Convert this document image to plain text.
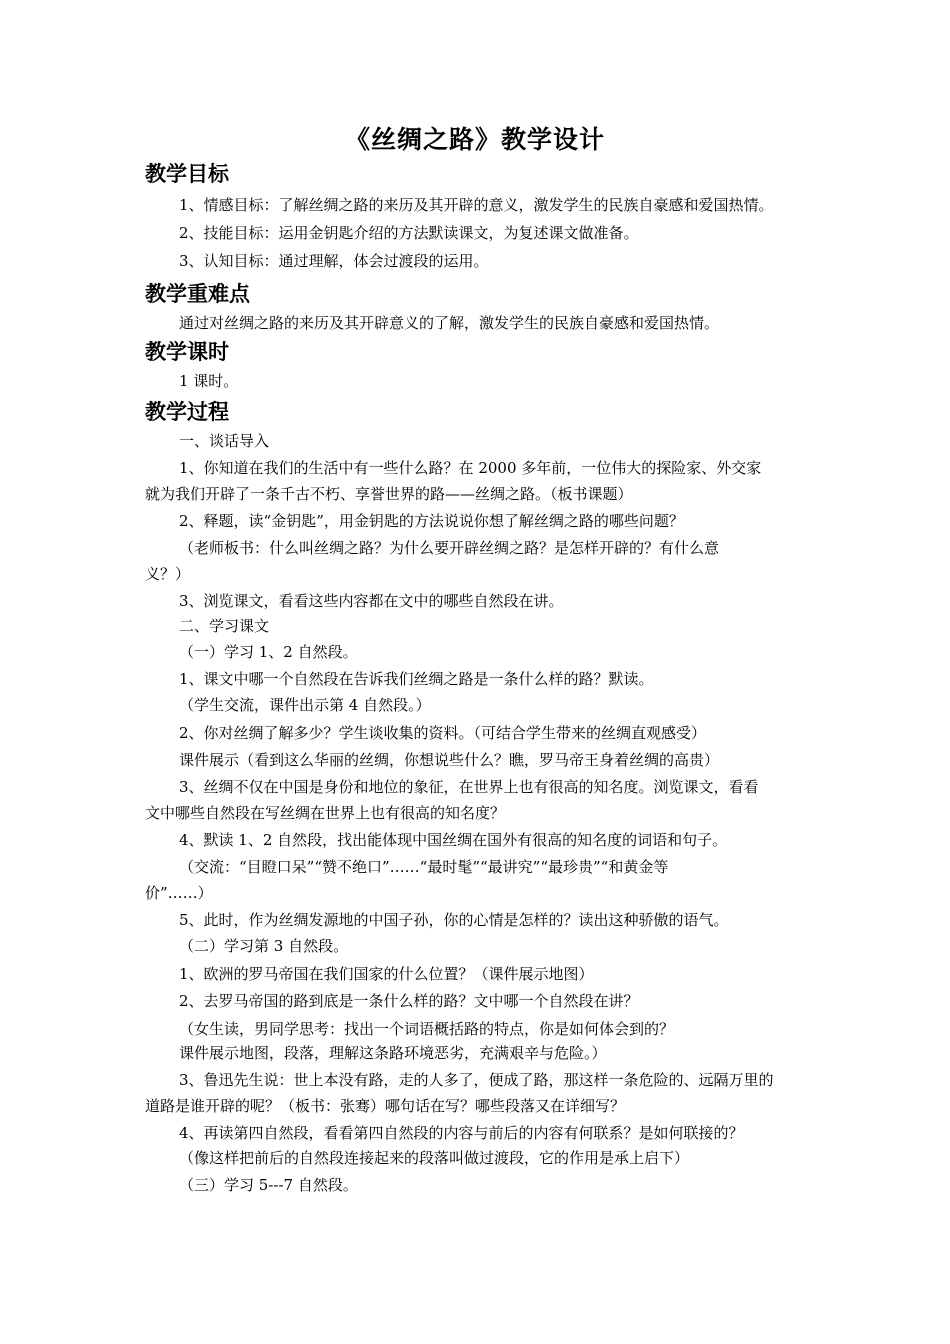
《丝绸之路》教学设计
教学目标
1、情感目标：了解丝绸之路的来历及其开辟的意义，激发学生的民族自豪感和爱国热情。
2、技能目标：运用金钥匙介绍的方法默读课文，为复述课文做准备。
3、认知目标：通过理解，体会过渡段的运用。
教学重难点
通过对丝绸之路的来历及其开辟意义的了解，激发学生的民族自豪感和爱国热情。
教学课时
1 课时。
教学过程
一、谈话导入
1、你知道在我们的生活中有一些什么路？在 2000 多年前，一位伟大的探险家、外交家
就为我们开辟了一条千古不朽、享誉世界的路——丝绸之路。（板书课题）
2、释题，读“金钥匙”，用金钥匙的方法说说你想了解丝绸之路的哪些问题？
（老师板书：什么叫丝绸之路？为什么要开辟丝绸之路？是怎样开辟的？有什么意
义？）
3、浏览课文，看看这些内容都在文中的哪些自然段在讲。
二、学习课文
（一）学习 1、2 自然段。
1、课文中哪一个自然段在告诉我们丝绸之路是一条什么样的路？默读。
（学生交流，课件出示第 4 自然段。）
2、你对丝绸了解多少？学生谈收集的资料。（可结合学生带来的丝绸直观感受）
课件展示（看到这么华丽的丝绸，你想说些什么？瞧，罗马帝王身着丝绸的高贵）
3、丝绸不仅在中国是身份和地位的象征，在世界上也有很高的知名度。浏览课文，看看
文中哪些自然段在写丝绸在世界上也有很高的知名度？
4、默读 1、2 自然段，找出能体现中国丝绸在国外有很高的知名度的词语和句子。
（交流：“目瞪口呆”“赞不绝口”……“最时髦”“最讲究”“最珍贵”“和黄金等
价”……）
5、此时，作为丝绸发源地的中国子孙，你的心情是怎样的？读出这种骄傲的语气。
（二）学习第 3 自然段。
1、欧洲的罗马帝国在我们国家的什么位置？（课件展示地图）
2、去罗马帝国的路到底是一条什么样的路？文中哪一个自然段在讲？
（女生读，男同学思考：找出一个词语概括路的特点，你是如何体会到的？
课件展示地图，段落，理解这条路环境恶劣，充满艰辛与危险。）
3、鲁迅先生说：世上本没有路，走的人多了，便成了路，那这样一条危险的、远隔万里的
道路是谁开辟的呢？（板书：张骞）哪句话在写？哪些段落又在详细写？
4、再读第四自然段，看看第四自然段的内容与前后的内容有何联系？是如何联接的？
（像这样把前后的自然段连接起来的段落叫做过渡段，它的作用是承上启下）
（三）学习 5---7 自然段。
